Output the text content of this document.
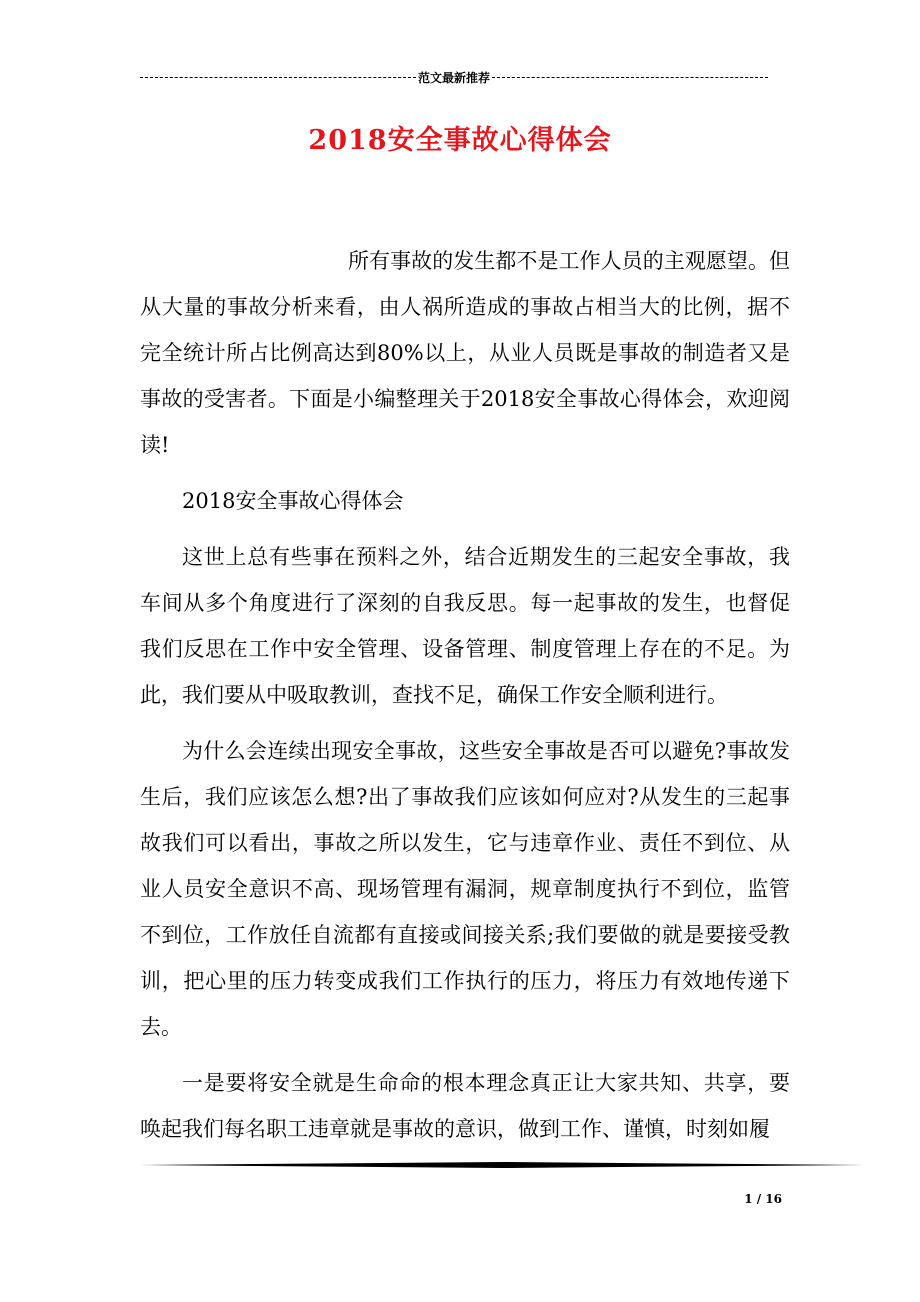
范文最新推荐
2018安全事故心得体会

所有事故的发生都不是工作人员的主观愿望。但从大量的事故分析来看，由人祸所造成的事故占相当大的比例，据不完全统计所占比例高达到80%以上，从业人员既是事故的制造者又是事故的受害者。下面是小编整理关于2018安全事故心得体会，欢迎阅读!

2018安全事故心得体会

这世上总有些事在预料之外，结合近期发生的三起安全事故，我车间从多个角度进行了深刻的自我反思。每一起事故的发生，也督促我们反思在工作中安全管理、设备管理、制度管理上存在的不足。为此，我们要从中吸取教训，查找不足，确保工作安全顺利进行。

为什么会连续出现安全事故，这些安全事故是否可以避免?事故发生后，我们应该怎么想?出了事故我们应该如何应对?从发生的三起事故我们可以看出，事故之所以发生，它与违章作业、责任不到位、从业人员安全意识不高、现场管理有漏洞，规章制度执行不到位，监管不到位，工作放任自流都有直接或间接关系;我们要做的就是要接受教训，把心里的压力转变成我们工作执行的压力，将压力有效地传递下去。

一是要将安全就是生命命的根本理念真正让大家共知、共享，要唤起我们每名职工违章就是事故的意识，做到工作、谨慎，时刻如履

1 / 16
